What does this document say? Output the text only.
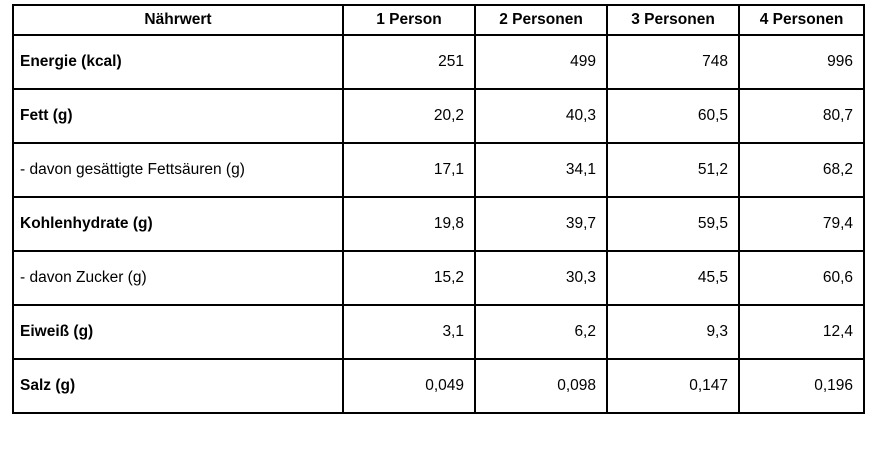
Nährwert	1 Person	2 Personen	3 Personen	4 Personen
Energie (kcal)	251	499	748	996
Fett (g)	20,2	40,3	60,5	80,7
- davon gesättigte Fettsäuren (g)	17,1	34,1	51,2	68,2
Kohlenhydrate (g)	19,8	39,7	59,5	79,4
- davon Zucker (g)	15,2	30,3	45,5	60,6
Eiweiß (g)	3,1	6,2	9,3	12,4
Salz (g)	0,049	0,098	0,147	0,196
